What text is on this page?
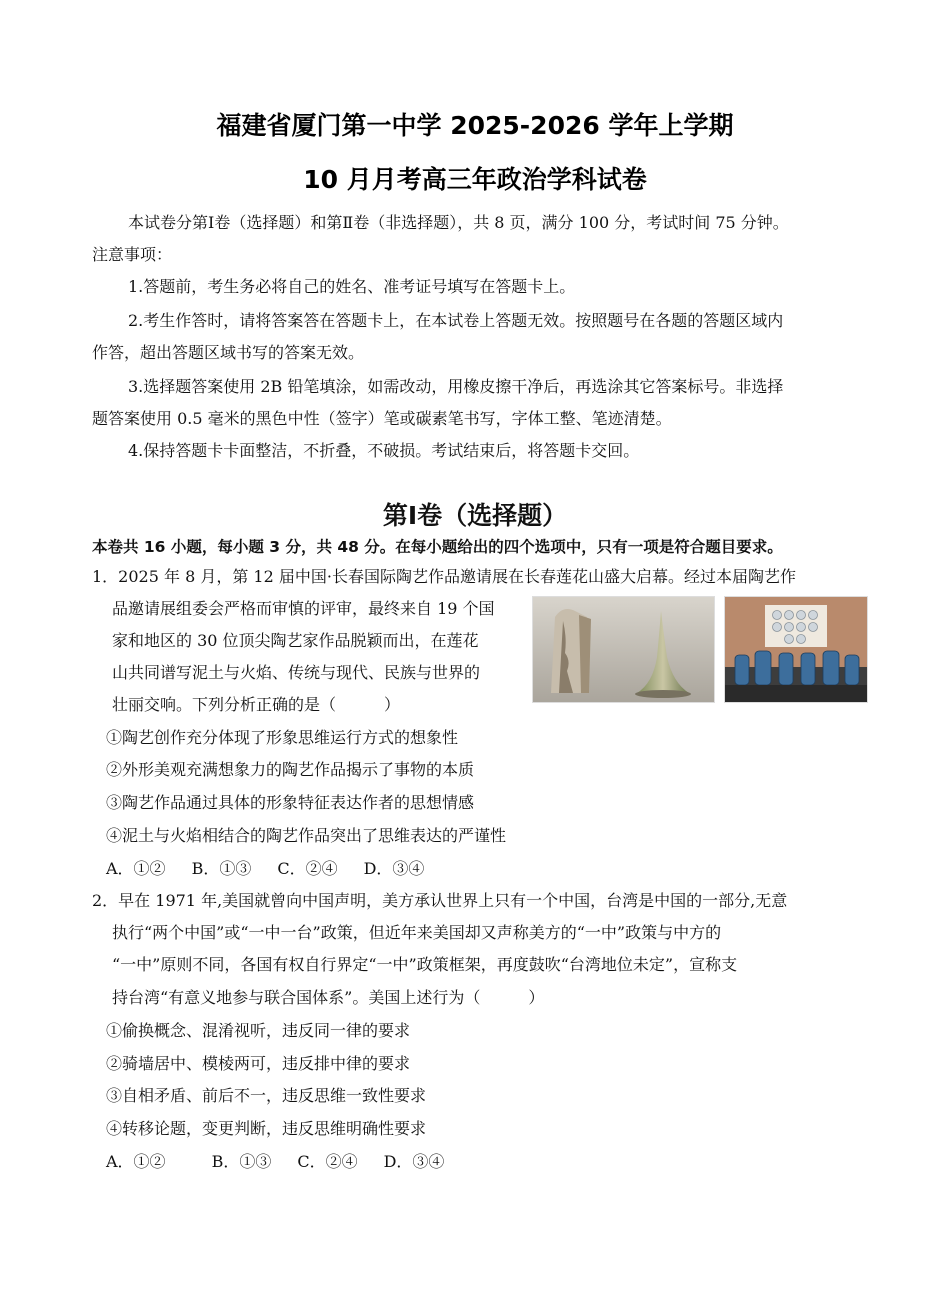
福建省厦门第一中学 2025-2026 学年上学期
10 月月考高三年政治学科试卷
本试卷分第Ⅰ卷（选择题）和第Ⅱ卷（非选择题），共 8 页，满分 100 分，考试时间 75 分钟。
注意事项：
1.答题前，考生务必将自己的姓名、准考证号填写在答题卡上。
2.考生作答时，请将答案答在答题卡上，在本试卷上答题无效。按照题号在各题的答题区域内
作答，超出答题区域书写的答案无效。
3.选择题答案使用 2B 铅笔填涂，如需改动，用橡皮擦干净后，再选涂其它答案标号。非选择
题答案使用 0.5 毫米的黑色中性（签字）笔或碳素笔书写，字体工整、笔迹清楚。
4.保持答题卡卡面整洁，不折叠，不破损。考试结束后，将答题卡交回。
第Ⅰ卷（选择题）
本卷共 16 小题，每小题 3 分，共 48 分。在每小题给出的四个选项中，只有一项是符合题目要求。
1．2025 年 8 月，第 12 届中国·长春国际陶艺作品邀请展在长春莲花山盛大启幕。经过本届陶艺作
品邀请展组委会严格而审慎的评审，最终来自 19 个国
家和地区的 30 位顶尖陶艺家作品脱颖而出，在莲花
山共同谱写泥土与火焰、传统与现代、民族与世界的
壮丽交响。下列分析正确的是（　　　）
①陶艺创作充分体现了形象思维运行方式的想象性
②外形美观充满想象力的陶艺作品揭示了事物的本质
③陶艺作品通过具体的形象特征表达作者的思想情感
④泥土与火焰相结合的陶艺作品突出了思维表达的严谨性
A．①② B．①③ C．②④ D．③④
2．早在 1971 年,美国就曾向中国声明，美方承认世界上只有一个中国，台湾是中国的一部分,无意
执行“两个中国”或“一中一台”政策，但近年来美国却又声称美方的“一中”政策与中方的
“一中”原则不同，各国有权自行界定“一中”政策框架，再度鼓吹“台湾地位未定”，宣称支
持台湾“有意义地参与联合国体系”。美国上述行为（　　　）
①偷换概念、混淆视听，违反同一律的要求
②骑墙居中、模棱两可，违反排中律的要求
③自相矛盾、前后不一，违反思维一致性要求
④转移论题，变更判断，违反思维明确性要求
A．①②	B．①③ C．②④ D．③④
